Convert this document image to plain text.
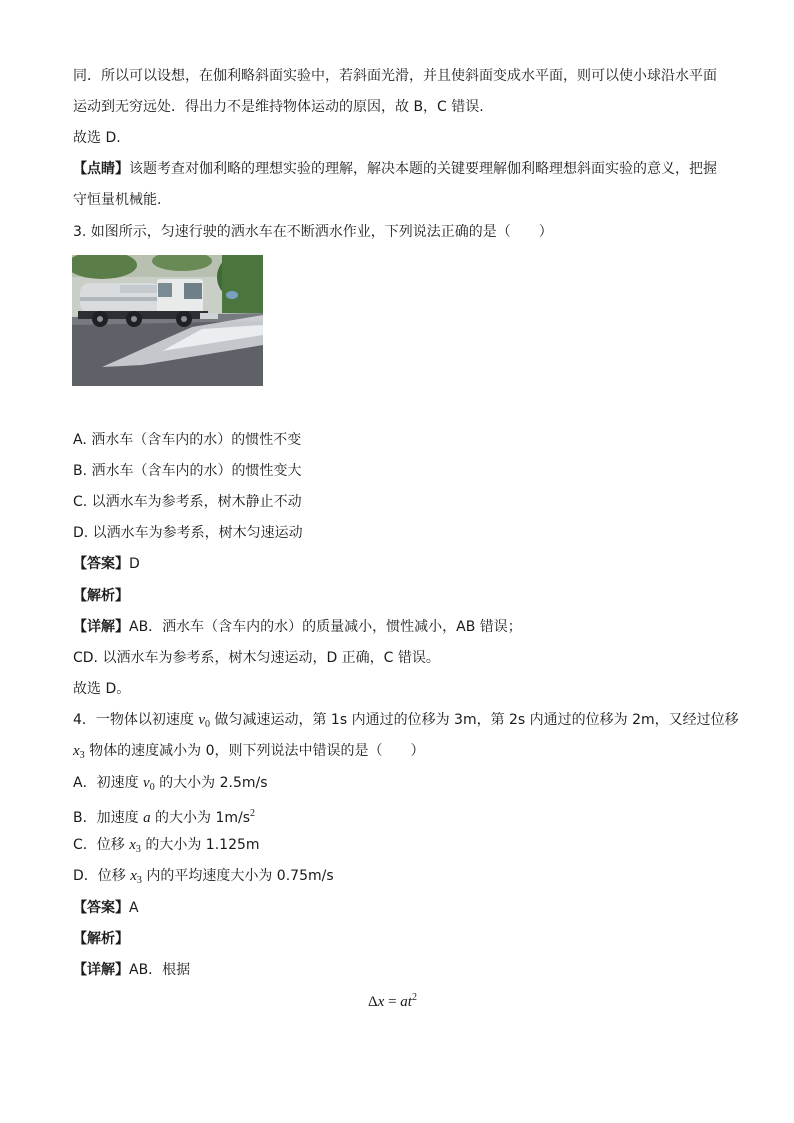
同．所以可以设想，在伽利略斜面实验中，若斜面光滑，并且使斜面变成水平面，则可以使小球沿水平面
运动到无穷远处．得出力不是维持物体运动的原因，故 B，C 错误.
故选 D.
【点睛】该题考查对伽利略的理想实验的理解，解决本题的关键要理解伽利略理想斜面实验的意义，把握
守恒量机械能.
3. 如图所示，匀速行驶的洒水车在不断洒水作业，下列说法正确的是（　　）
A. 洒水车（含车内的水）的惯性不变
B. 洒水车（含车内的水）的惯性变大
C. 以洒水车为参考系，树木静止不动
D. 以洒水车为参考系，树木匀速运动
【答案】D
【解析】
【详解】AB．洒水车（含车内的水）的质量减小，惯性减小，AB 错误；
CD. 以洒水车为参考系，树木匀速运动，D 正确，C 错误。
故选 D。
4．一物体以初速度 $v_0$ 做匀减速运动，第 1s 内通过的位移为 3m，第 2s 内通过的位移为 2m，又经过位移
$x_3$ 物体的速度减小为 0，则下列说法中错误的是（　　）
A．初速度 $v_0$ 的大小为 2.5m/s
B．加速度 a 的大小为 $1m/s^2$
C．位移 $x_3$ 的大小为 1.125m
D．位移 $x_3$ 内的平均速度大小为 0.75m/s
【答案】A
【解析】
【详解】AB．根据
$\Delta x = at^2$
